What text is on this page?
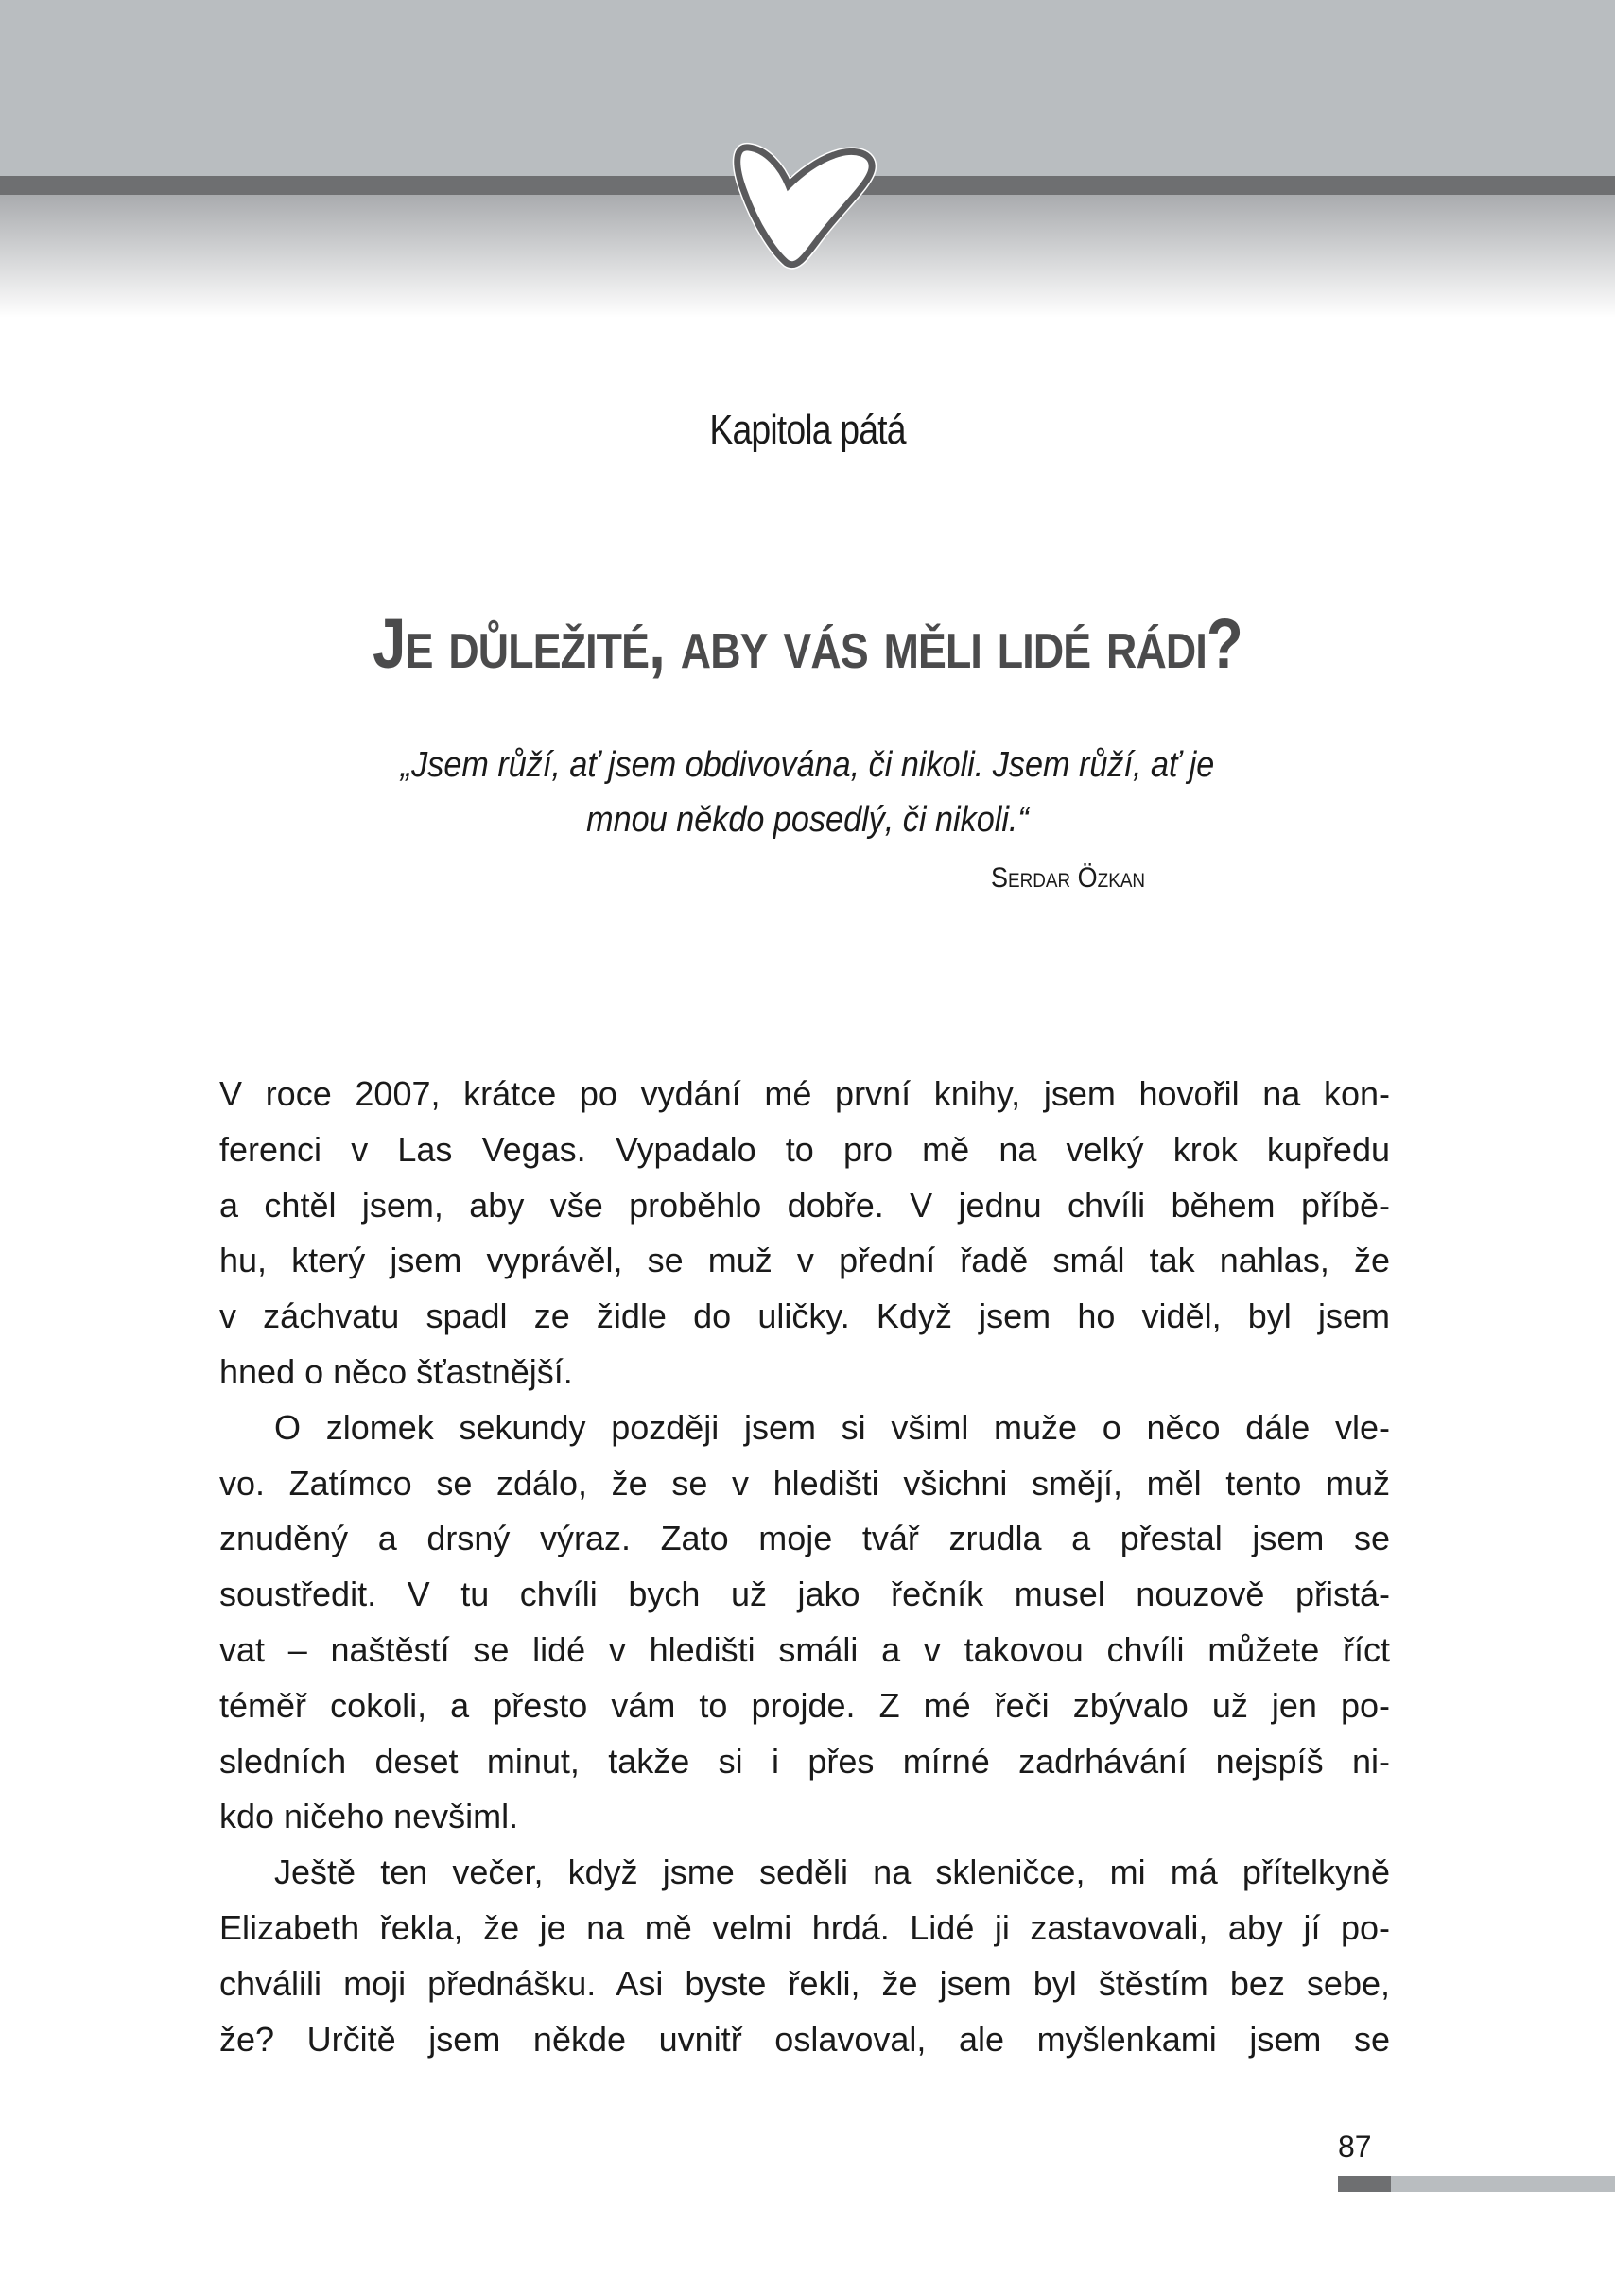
Kapitola pátá
Je důležité, aby vás měli lidé rádi?
„Jsem růží, ať jsem obdivována, či nikoli. Jsem růží, ať je
mnou někdo posedlý, či nikoli.“
Serdar Özkan
V roce 2007, krátce po vydání mé první knihy, jsem hovořil na kon-
ferenci v Las Vegas. Vypadalo to pro mě na velký krok kupředu
a chtěl jsem, aby vše proběhlo dobře. V jednu chvíli během příbě-
hu, který jsem vyprávěl, se muž v přední řadě smál tak nahlas, že
v záchvatu spadl ze židle do uličky. Když jsem ho viděl, byl jsem
hned o něco šťastnější.
O zlomek sekundy později jsem si všiml muže o něco dále vle-
vo. Zatímco se zdálo, že se v hledišti všichni smějí, měl tento muž
znuděný a drsný výraz. Zato moje tvář zrudla a přestal jsem se
soustředit. V tu chvíli bych už jako řečník musel nouzově přistá-
vat – naštěstí se lidé v hledišti smáli a v takovou chvíli můžete říct
téměř cokoli, a přesto vám to projde. Z mé řeči zbývalo už jen po-
sledních deset minut, takže si i přes mírné zadrhávání nejspíš ni-
kdo ničeho nevšiml.
Ještě ten večer, když jsme seděli na skleničce, mi má přítelkyně
Elizabeth řekla, že je na mě velmi hrdá. Lidé ji zastavovali, aby jí po-
chválili moji přednášku. Asi byste řekli, že jsem byl štěstím bez sebe,
že? Určitě jsem někde uvnitř oslavoval, ale myšlenkami jsem se
87
